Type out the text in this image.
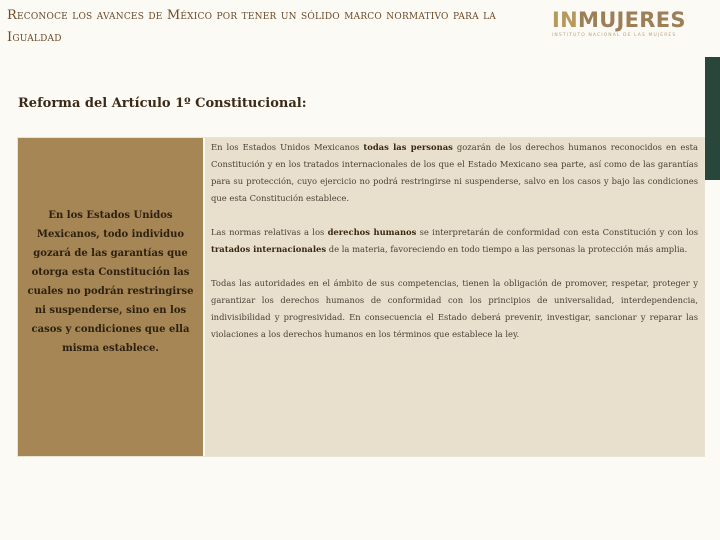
Reconoce los avances de México por tener un sólido marco normativo para la Igualdad
INMUJERES
INSTITUTO NACIONAL DE LAS MUJERES
Reforma del Artículo 1º Constitucional:

En los Estados Unidos Mexicanos, todo individuo gozará de las garantías que otorga esta Constitución las cuales no podrán restringirse ni suspenderse, sino en los casos y condiciones que ella misma establece.

En los Estados Unidos Mexicanos todas las personas gozarán de los derechos humanos reconocidos en esta Constitución y en los tratados internacionales de los que el Estado Mexicano sea parte, así como de las garantías para su protección, cuyo ejercicio no podrá restringirse ni suspenderse, salvo en los casos y bajo las condiciones que esta Constitución establece.
Las normas relativas a los derechos humanos se interpretarán de conformidad con esta Constitución y con los tratados internacionales de la materia, favoreciendo en todo tiempo a las personas la protección más amplia.
Todas las autoridades en el ámbito de sus competencias, tienen la obligación de promover, respetar, proteger y garantizar los derechos humanos de conformidad con los principios de universalidad, interdependencia, indivisibilidad y progresividad. En consecuencia el Estado deberá prevenir, investigar, sancionar y reparar las violaciones a los derechos humanos en los términos que establece la ley.
